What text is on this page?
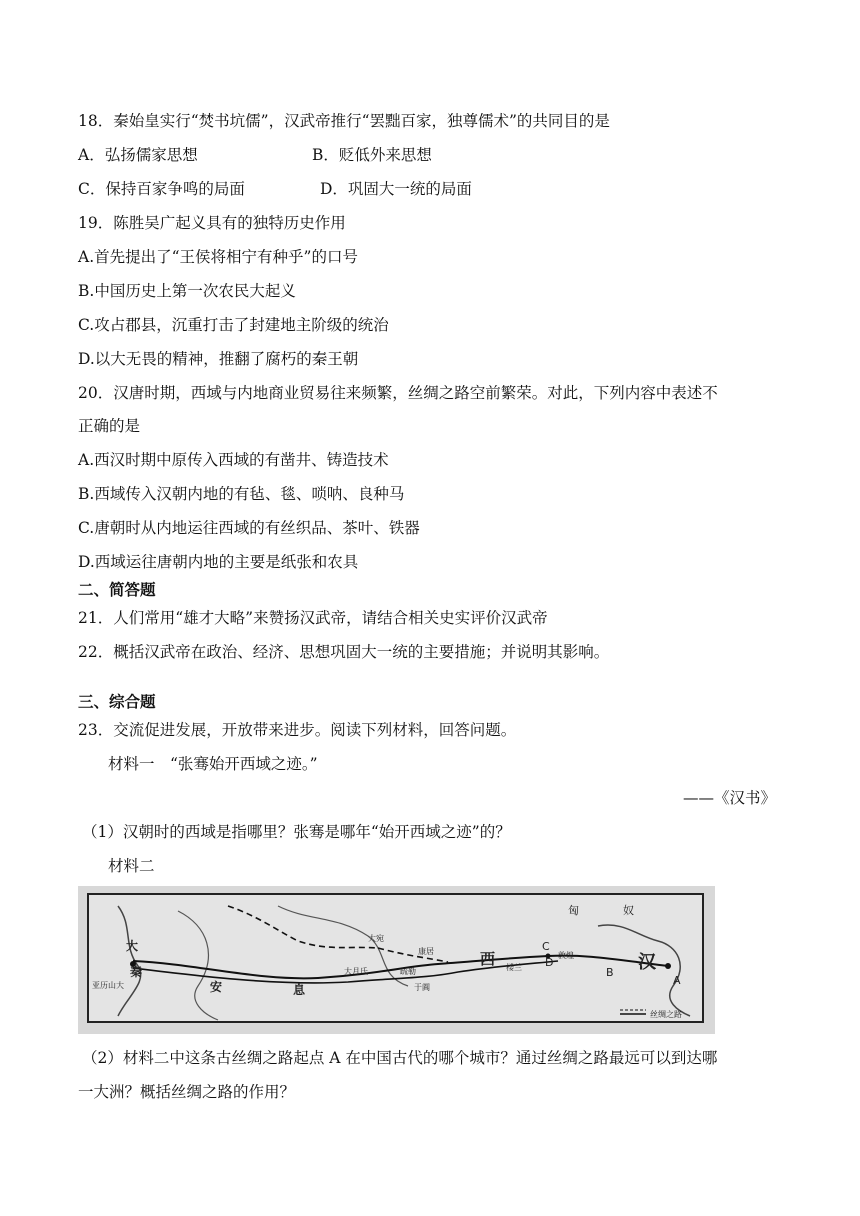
18．秦始皇实行“焚书坑儒”，汉武帝推行“罢黜百家，独尊儒术”的共同目的是
A．弘扬儒家思想	B．贬低外来思想
C．保持百家争鸣的局面	D．巩固大一统的局面
19．陈胜吴广起义具有的独特历史作用
A.首先提出了“王侯将相宁有种乎”的口号
B.中国历史上第一次农民大起义
C.攻占郡县，沉重打击了封建地主阶级的统治
D.以大无畏的精神，推翻了腐朽的秦王朝
20．汉唐时期，西域与内地商业贸易往来频繁，丝绸之路空前繁荣。对此，下列内容中表述不
正确的是
A.西汉时期中原传入西域的有凿井、铸造技术
B.西域传入汉朝内地的有毡、毯、唢呐、良种马
C.唐朝时从内地运往西域的有丝织品、茶叶、铁器
D.西域运往唐朝内地的主要是纸张和农具
二、简答题
21．人们常用“雄才大略”来赞扬汉武帝，请结合相关史实评价汉武帝
22．概括汉武帝在政治、经济、思想巩固大一统的主要措施；并说明其影响。
三、综合题
23．交流促进发展，开放带来进步。阅读下列材料，回答问题。
材料一　“张骞始开西域之迹。”
——《汉书》
（1）汉朝时的西域是指哪里？张骞是哪年“始开西域之迹”的？
材料二
匈	奴
汉
西
大
秦
安	息
大宛
大月氏
康居
疏勒
于阗
楼兰
敦煌
A
B
C
D
亚历山大
丝绸之路
（2）材料二中这条古丝绸之路起点 A 在中国古代的哪个城市？通过丝绸之路最远可以到达哪
一大洲？概括丝绸之路的作用？
